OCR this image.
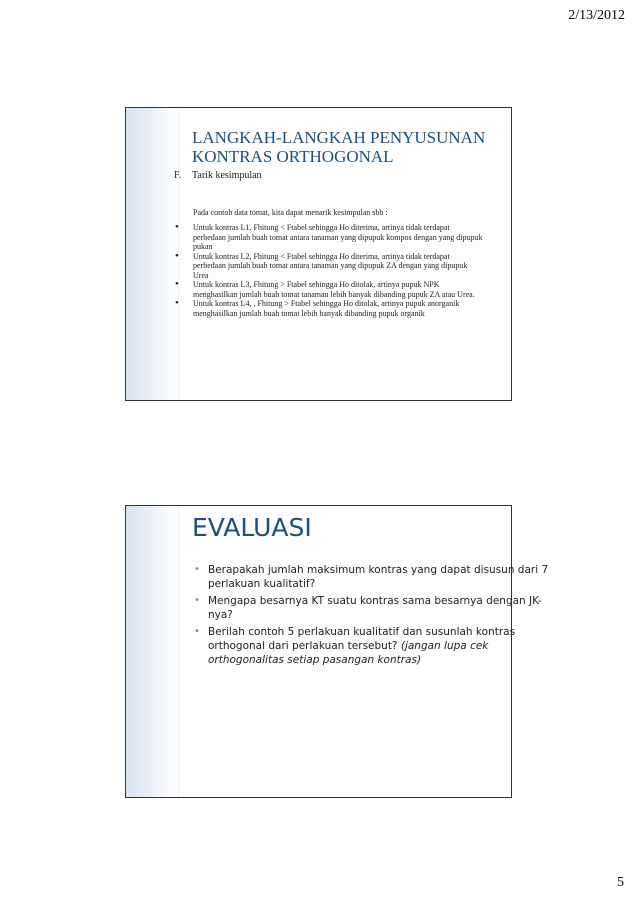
2/13/2012
LANGKAH-LANGKAH PENYUSUNAN KONTRAS ORTHOGONAL
F. Tarik kesimpulan
Pada contoh data tomat, kita dapat menarik kesimpulan sbb :
• Untuk kontras L1, Fhitung < Ftabel sehingga Ho diterima, artinya tidak terdapat perbedaan jumlah buah tomat antara tanaman yang dipupuk kompos dengan yang dipupuk pukan
• Untuk kontras L2, Fhitung < Ftabel sehingga Ho diterima, artinya tidak terdapat perbedaan jumlah buah tomat antara tanaman yang dipupuk ZA dengan yang dipupuk Urea
• Untuk kontras L3, Fhitung > Ftabel sehingga Ho ditolak, artinya pupuk NPK menghasilkan jumlah buah tomat tanaman lebih banyak dibanding pupuk ZA atau Urea.
• Untuk kontras L4, , Fhitung > Ftabel sehingga Ho ditolak, artinya pupuk anorganik menghasilkan jumlah buah tomat lebih banyak dibanding pupuk organik
EVALUASI
• Berapakah jumlah maksimum kontras yang dapat disusun dari 7 perlakuan kualitatif?
• Mengapa besarnya KT suatu kontras sama besarnya dengan JK-nya?
• Berilah contoh 5 perlakuan kualitatif dan susunlah kontras orthogonal dari perlakuan tersebut? (jangan lupa cek orthogonalitas setiap pasangan kontras)
5
